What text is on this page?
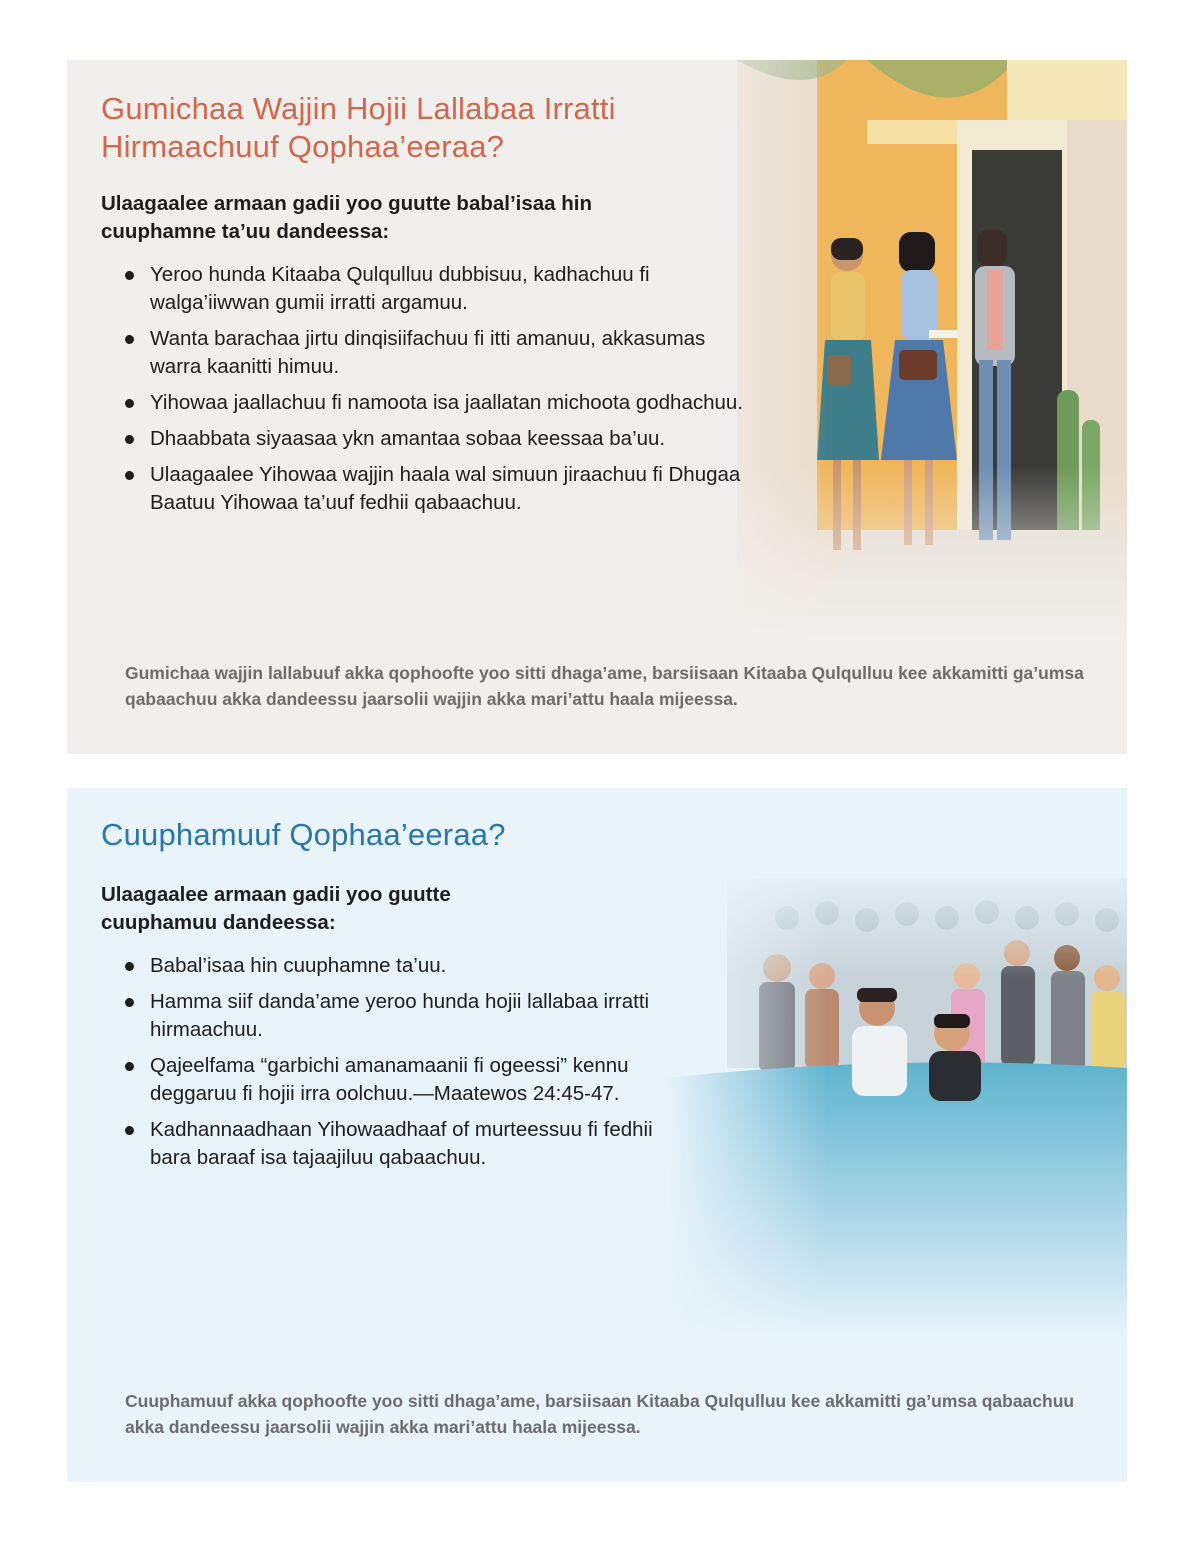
Gumichaa Wajjin Hojii Lallabaa Irratti Hirmaachuuf Qophaa’eeraa?

Ulaagaalee armaan gadii yoo guutte babal’isaa hin cuuphamne ta’uu dandeessa:

Yeroo hunda Kitaaba Qulqulluu dubbisuu, kadhachuu fi walga’iiwwan gumii irratti argamuu.
Wanta barachaa jirtu dinqisiifachuu fi itti amanuu, akkasumas warra kaanitti himuu.
Yihowaa jaallachuu fi namoota isa jaallatan michoota godhachuu.
Dhaabbata siyaasaa ykn amantaa sobaa keessaa ba’uu.
Ulaagaalee Yihowaa wajjin haala wal simuun jiraachuu fi Dhugaa Baatuu Yihowaa ta’uuf fedhii qabaachuu.

Gumichaa wajjin lallabuuf akka qophoofte yoo sitti dhaga’ame, barsiisaan Kitaaba Qulqulluu kee akkamitti ga’umsa qabaachuu akka dandeessu jaarsolii wajjin akka mari’attu haala mijeessa.

Cuuphamuuf Qophaa’eeraa?

Ulaagaalee armaan gadii yoo guutte cuuphamuu dandeessa:

Babal’isaa hin cuuphamne ta’uu.
Hamma siif danda’ame yeroo hunda hojii lallabaa irratti hirmaachuu.
Qajeelfama “garbichi amanamaanii fi ogeessi” kennu deggaruu fi hojii irra oolchuu.—Maatewos 24:45-47.
Kadhannaadhaan Yihowaadhaaf of murteessuu fi fedhii bara baraaf isa tajaajiluu qabaachuu.

Cuuphamuuf akka qophoofte yoo sitti dhaga’ame, barsiisaan Kitaaba Qulqulluu kee akkamitti ga’umsa qabaachuu akka dandeessu jaarsolii wajjin akka mari’attu haala mijeessa.
